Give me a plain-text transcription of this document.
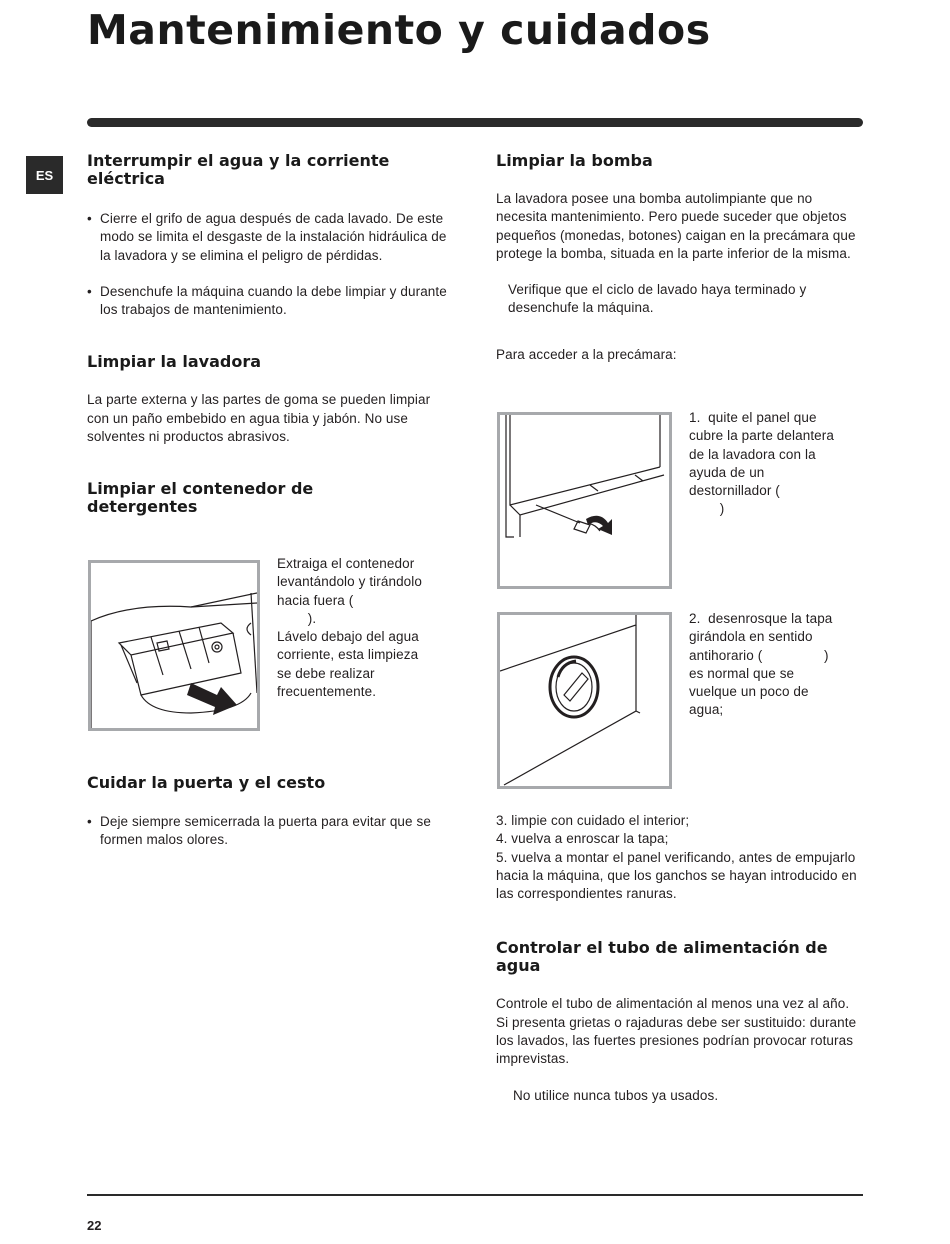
Mantenimiento y cuidados
ES
Interrumpir el agua y la corriente eléctrica
• Cierre el grifo de agua después de cada lavado. De este modo se limita el desgaste de la instalación hidráulica de la lavadora y se elimina el peligro de pérdidas.
• Desenchufe la máquina cuando la debe limpiar y durante los trabajos de mantenimiento.
Limpiar la lavadora

La parte externa y las partes de goma se pueden limpiar con un paño embebido en agua tibia y jabón. No use solventes ni productos abrasivos.

Limpiar el contenedor de detergentes
Extraiga el contenedor
levantándolo y tirándolo
hacia fuera (
).
Lávelo debajo del agua
corriente, esta limpieza
se debe realizar
frecuentemente.
Cuidar la puerta y el cesto
• Deje siempre semicerrada la puerta para evitar que se formen malos olores.
Limpiar la bomba

La lavadora posee una bomba autolimpiante que no necesita mantenimiento. Pero puede suceder que objetos pequeños (monedas, botones) caigan en la precámara que protege la bomba, situada en la parte inferior de la misma.

Verifique que el ciclo de lavado haya terminado y desenchufe la máquina.

Para acceder a la precámara:

1.  quite el panel que
cubre la parte delantera
de la lavadora con la
ayuda de un
destornillador (
)
2.  desenrosque la tapa
girándola en sentido
antihorario (                )
es normal que se
vuelque un poco de
agua;

3. limpie con cuidado el interior;

4. vuelva a enroscar la tapa;

5. vuelva a montar el panel verificando, antes de empujarlo hacia la máquina, que los ganchos se hayan introducido en las correspondientes ranuras.

Controlar el tubo de alimentación de agua

Controle el tubo de alimentación al menos una vez al año. Si presenta grietas o rajaduras debe ser sustituido: durante los lavados, las fuertes presiones podrían provocar roturas imprevistas.

No utilice nunca tubos ya usados.

22
